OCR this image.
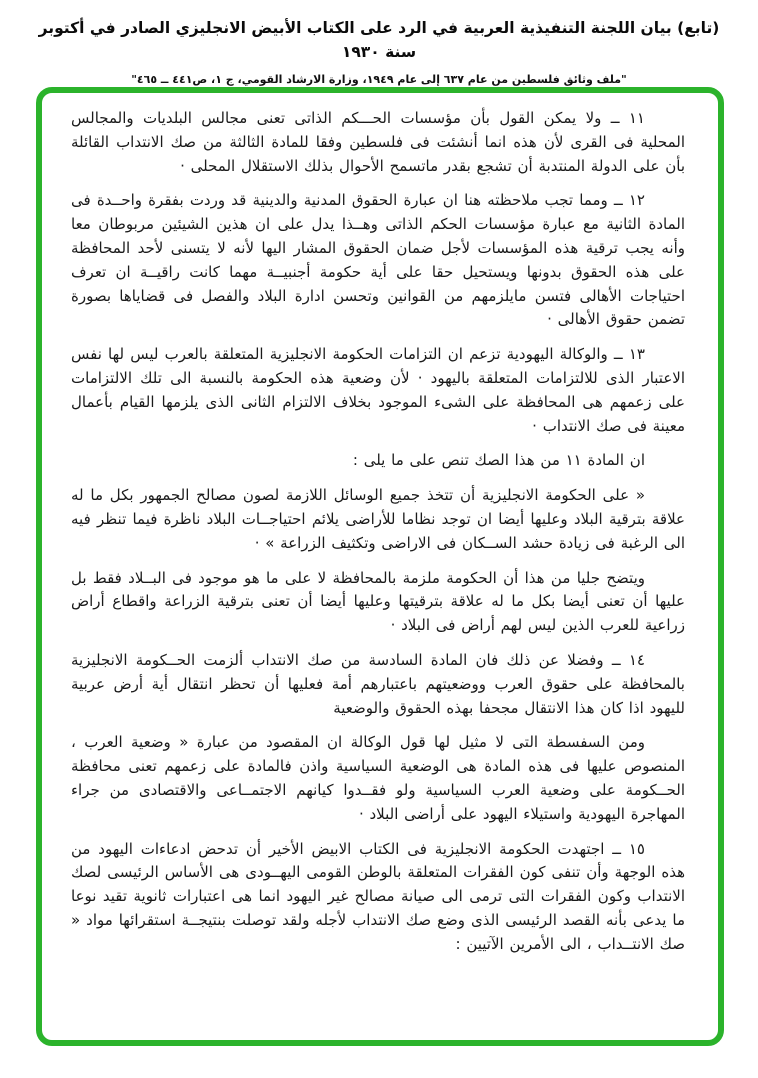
(تابع) بيان اللجنة التنفيذية العربية في الرد على الكتاب الأبيض الانجليزي الصادر في أكتوبر سنة ١٩٣٠
"ملف وثائق فلسطين من عام ٦٣٧ إلى عام ١٩٤٩، وزارة الارشاد القومي، ج ١، ص٤٤١ ــ ٤٦٥"

١١ ــ ولا يمكن القول بأن مؤسسات الحـــكم الذاتى تعنى مجالس البلديات والمجالس المحلية فى القرى لأن هذه انما أنشئت فى فلسطين وفقا للمادة الثالثة من صك الانتداب القائلة بأن على الدولة المنتدبة أن تشجع بقدر ماتسمح الأحوال بذلك الاستقلال المحلى ·

١٢ ــ ومما تجب ملاحظته هنا ان عبارة الحقوق المدنية والدينية قد وردت بفقرة واحــدة فى المادة الثانية مع عبارة مؤسسات الحكم الذاتى وهــذا يدل على ان هذين الشيئين مربوطان معا وأنه يجب ترقية هذه المؤسسات لأجل ضمان الحقوق المشار اليها لأنه لا يتسنى لأحد المحافظة على هذه الحقوق بدونها ويستحيل حقا على أية حكومة أجنبيــة مهما كانت راقيــة ان تعرف احتياجات الأهالى فتسن مايلزمهم من القوانين وتحسن ادارة البلاد والفصل فى قضاياها بصورة تضمن حقوق الأهالى ·

١٣ ــ والوكالة اليهودية تزعم ان التزامات الحكومة الانجليزية المتعلقة بالعرب ليس لها نفس الاعتبار الذى للالتزامات المتعلقة باليهود · لأن وضعية هذه الحكومة بالنسبة الى تلك الالتزامات على زعمهم هى المحافظة على الشىء الموجود بخلاف الالتزام الثانى الذى يلزمها القيام بأعمال معينة فى صك الانتداب ·

ان المادة ١١ من هذا الصك تنص على ما يلى :

« على الحكومة الانجليزية أن تتخذ جميع الوسائل اللازمة لصون مصالح الجمهور بكل ما له علاقة بترقية البلاد وعليها أيضا ان توجد نظاما للأراضى يلائم احتياجــات البلاد ناظرة فيما تنظر فيه الى الرغبة فى زيادة حشد الســكان فى الاراضى وتكثيف الزراعة » ·

ويتضح جليا من هذا أن الحكومة ملزمة بالمحافظة لا على ما هو موجود فى البــلاد فقط بل عليها أن تعنى أيضا بكل ما له علاقة بترقيتها وعليها أيضا أن تعنى بترقية الزراعة واقطاع أراض زراعية للعرب الذين ليس لهم أراض فى البلاد ·

١٤ ــ وفضلا عن ذلك فان المادة السادسة من صك الانتداب ألزمت الحــكومة الانجليزية بالمحافظة على حقوق العرب ووضعيتهم باعتبارهم أمة فعليها أن تحظر انتقال أية أرض عربية لليهود اذا كان هذا الانتقال مجحفا بهذه الحقوق والوضعية

ومن السفسطة التى لا مثيل لها قول الوكالة ان المقصود من عبارة « وضعية العرب ، المنصوص عليها فى هذه المادة هى الوضعية السياسية واذن فالمادة على زعمهم تعنى محافظة الحــكومة على وضعية العرب السياسية ولو فقــدوا كيانهم الاجتمــاعى والاقتصادى من جراء المهاجرة اليهودية واستيلاء اليهود على أراضى البلاد ·

١٥ ــ اجتهدت الحكومة الانجليزية فى الكتاب الابيض الأخير أن تدحض ادعاءات اليهود من هذه الوجهة وأن تنفى كون الفقرات المتعلقة بالوطن القومى اليهــودى هى الأساس الرئيسى لصك الانتداب وكون الفقرات التى ترمى الى صيانة مصالح غير اليهود انما هى اعتبارات ثانوية تقيد نوعا ما يدعى بأنه القصد الرئيسى الذى وضع صك الانتداب لأجله ولقد توصلت بنتيجــة استقرائها مواد « صك الانتــداب ، الى الأمرين الآتيين :
